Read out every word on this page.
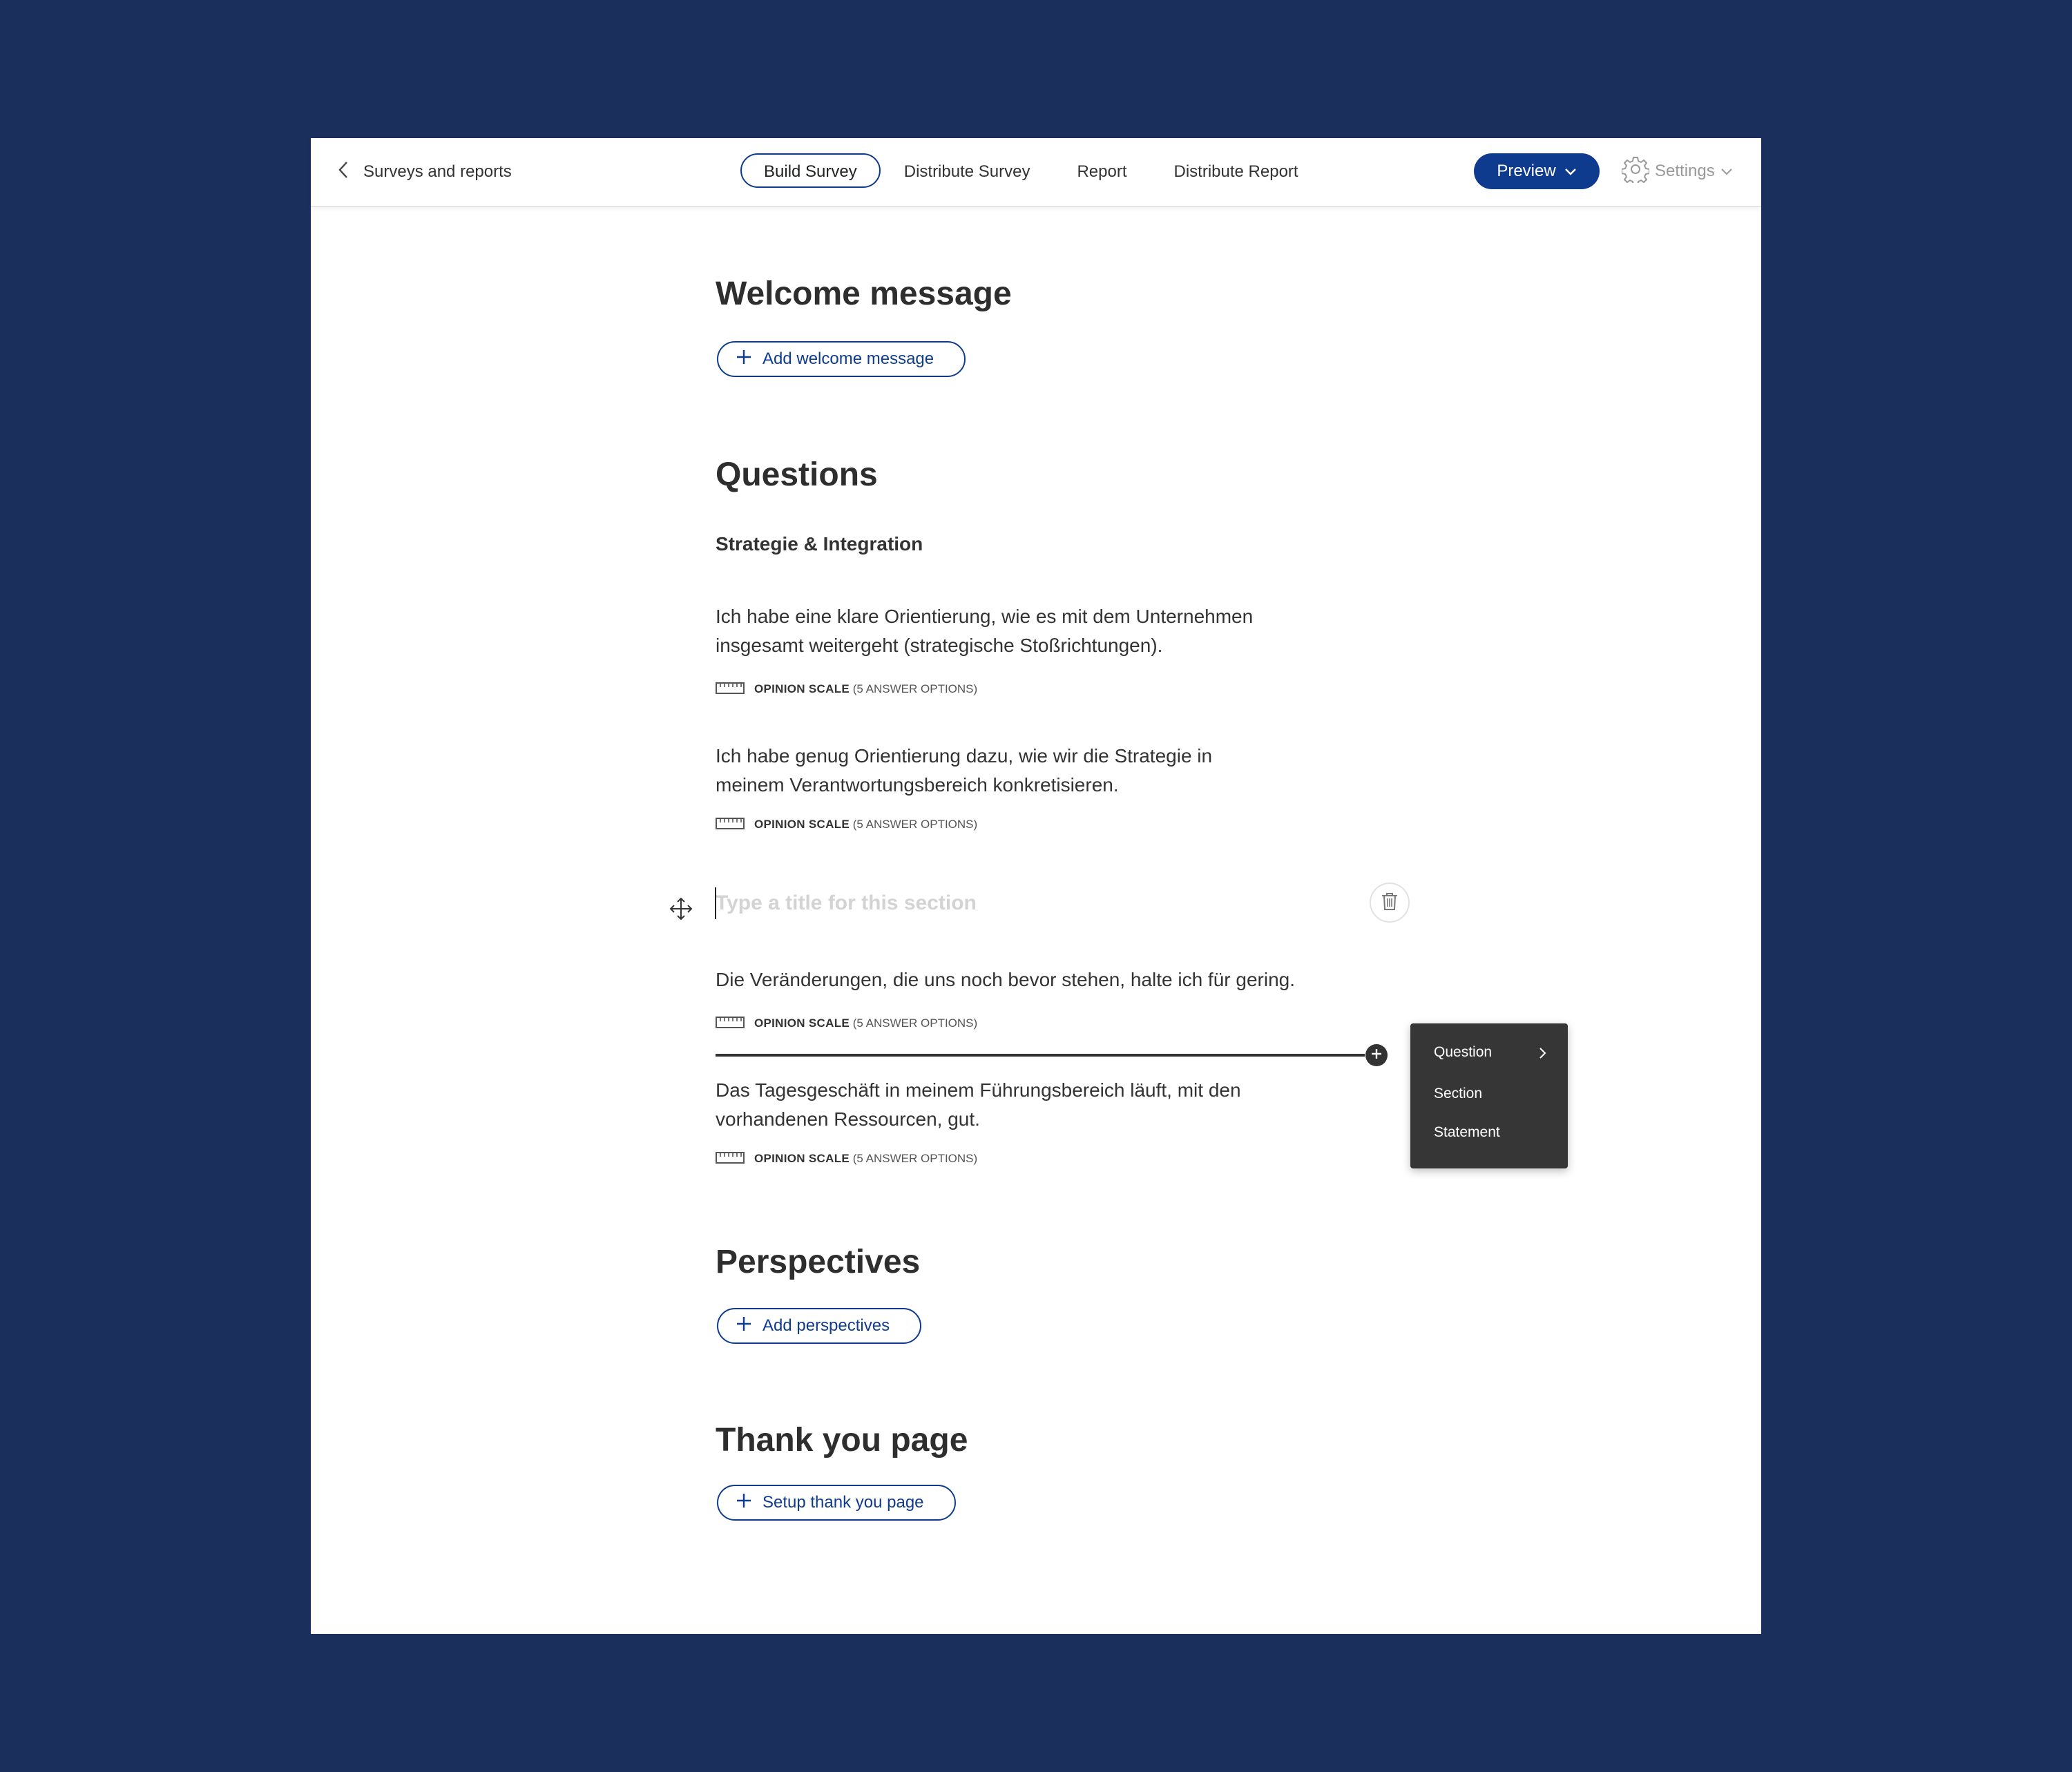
Surveys and reports	Build Survey	Distribute Survey	Report	Distribute Report	Preview	Settings
Welcome message
Add welcome message
Questions
Strategie & Integration
Ich habe eine klare Orientierung, wie es mit dem Unternehmen
insgesamt weitergeht (strategische Stoßrichtungen).
OPINION SCALE (5 ANSWER OPTIONS)
Ich habe genug Orientierung dazu, wie wir die Strategie in
meinem Verantwortungsbereich konkretisieren.
OPINION SCALE (5 ANSWER OPTIONS)
Type a title for this section
Die Veränderungen, die uns noch bevor stehen, halte ich für gering.
OPINION SCALE (5 ANSWER OPTIONS)
Question
Section
Statement
Das Tagesgeschäft in meinem Führungsbereich läuft, mit den
vorhandenen Ressourcen, gut.
OPINION SCALE (5 ANSWER OPTIONS)
Perspectives
Add perspectives
Thank you page
Setup thank you page
